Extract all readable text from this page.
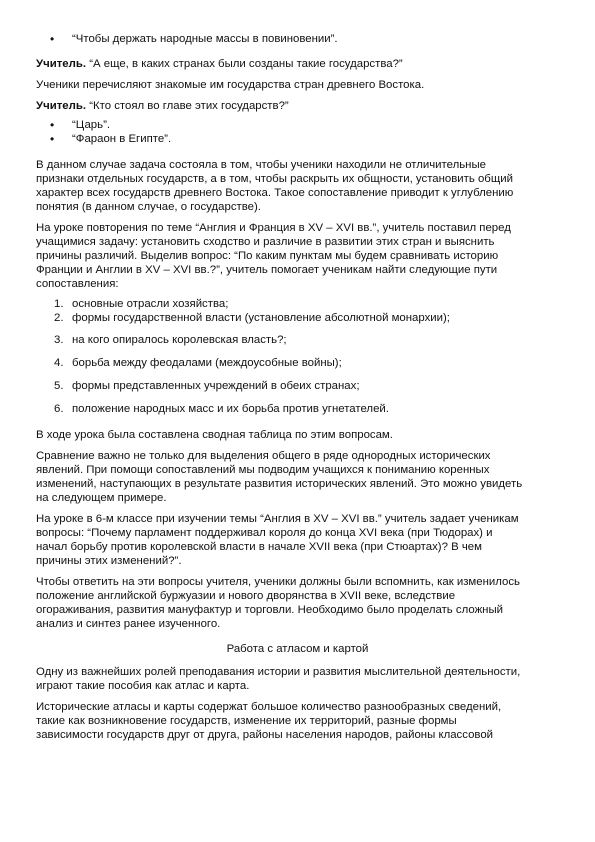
• “Чтобы держать народные массы в повиновении”.

Учитель. “А еще, в каких странах были созданы такие государства?”

Ученики перечисляют знакомые им государства стран древнего Востока.

Учитель. “Кто стоял во главе этих государств?”

• “Царь”.
• “Фараон в Египте”.

В данном случае задача состояла в том, чтобы ученики находили не отличительные
признаки отдельных государств, а в том, чтобы раскрыть их общности, установить общий
характер всех государств древнего Востока. Такое сопоставление приводит к углублению
понятия (в данном случае, о государстве).

На уроке повторения по теме “Англия и Франция в XV – XVI вв.”, учитель поставил перед
учащимися задачу: установить сходство и различие в развитии этих стран и выяснить
причины различий. Выделив вопрос: “По каким пунктам мы будем сравнивать историю
Франции и Англии в XV – XVI вв.?”, учитель помогает ученикам найти следующие пути
сопоставления:

1. основные отрасли хозяйства;
2. формы государственной власти (установление абсолютной монархии);
3. на кого опиралось королевская власть?;
4. борьба между феодалами (междоусобные войны);
5. формы представленных учреждений в обеих странах;
6. положение народных масс и их борьба против угнетателей.

В ходе урока была составлена сводная таблица по этим вопросам.

Сравнение важно не только для выделения общего в ряде однородных исторических
явлений. При помощи сопоставлений мы подводим учащихся к пониманию коренных
изменений, наступающих в результате развития исторических явлений. Это можно увидеть
на следующем примере.

На уроке в 6-м классе при изучении темы “Англия в XV – XVI вв.” учитель задает ученикам
вопросы: “Почему парламент поддерживал короля до конца XVI века (при Тюдорах) и
начал борьбу против королевской власти в начале XVII века (при Стюартах)? В чем
причины этих изменений?”.

Чтобы ответить на эти вопросы учителя, ученики должны были вспомнить, как изменилось
положение английской буржуазии и нового дворянства в XVII веке, вследствие
огораживания, развития мануфактур и торговли. Необходимо было проделать сложный
анализ и синтез ранее изученного.

Работа с атласом и картой

Одну из важнейших ролей преподавания истории и развития мыслительной деятельности,
играют такие пособия как атлас и карта.

Исторические атласы и карты содержат большое количество разнообразных сведений,
такие как возникновение государств, изменение их территорий, разные формы
зависимости государств друг от друга, районы населения народов, районы классовой
